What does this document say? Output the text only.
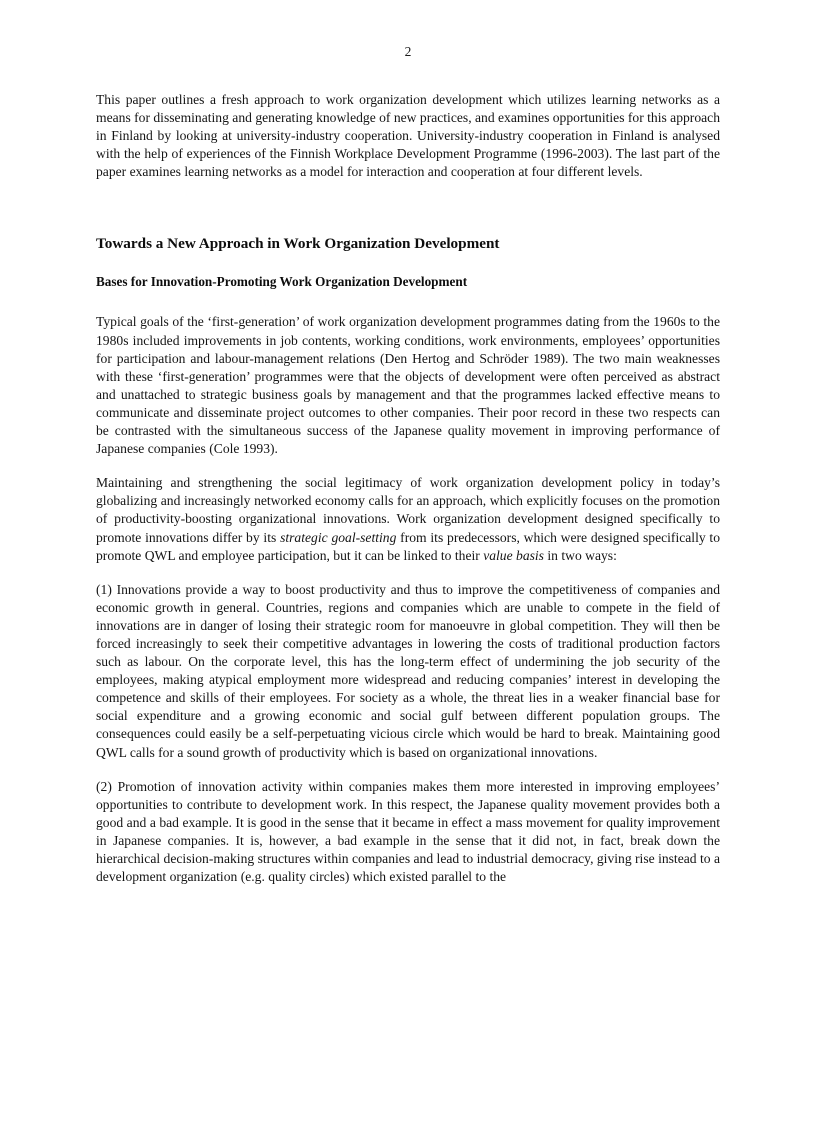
2

This paper outlines a fresh approach to work organization development which utilizes learning networks as a means for disseminating and generating knowledge of new practices, and examines opportunities for this approach in Finland by looking at university-industry cooperation. University-industry cooperation in Finland is analysed with the help of experiences of the Finnish Workplace Development Programme (1996-2003). The last part of the paper examines learning networks as a model for interaction and cooperation at four different levels.

Towards a New Approach in Work Organization Development
Bases for Innovation-Promoting Work Organization Development

Typical goals of the ‘first-generation’ of work organization development programmes dating from the 1960s to the 1980s included improvements in job contents, working conditions, work environments, employees’ opportunities for participation and labour-management relations (Den Hertog and Schröder 1989). The two main weaknesses with these ‘first-generation’ programmes were that the objects of development were often perceived as abstract and unattached to strategic business goals by management and that the programmes lacked effective means to communicate and disseminate project outcomes to other companies. Their poor record in these two respects can be contrasted with the simultaneous success of the Japanese quality movement in improving performance of Japanese companies (Cole 1993).

Maintaining and strengthening the social legitimacy of work organization development policy in today’s globalizing and increasingly networked economy calls for an approach, which explicitly focuses on the promotion of productivity-boosting organizational innovations. Work organization development designed specifically to promote innovations differ by its strategic goal-setting from its predecessors, which were designed specifically to promote QWL and employee participation, but it can be linked to their value basis in two ways:

(1) Innovations provide a way to boost productivity and thus to improve the competitiveness of companies and economic growth in general. Countries, regions and companies which are unable to compete in the field of innovations are in danger of losing their strategic room for manoeuvre in global competition. They will then be forced increasingly to seek their competitive advantages in lowering the costs of traditional production factors such as labour. On the corporate level, this has the long-term effect of undermining the job security of the employees, making atypical employment more widespread and reducing companies’ interest in developing the competence and skills of their employees. For society as a whole, the threat lies in a weaker financial base for social expenditure and a growing economic and social gulf between different population groups. The consequences could easily be a self-perpetuating vicious circle which would be hard to break. Maintaining good QWL calls for a sound growth of productivity which is based on organizational innovations.

(2) Promotion of innovation activity within companies makes them more interested in improving employees’ opportunities to contribute to development work. In this respect, the Japanese quality movement provides both a good and a bad example. It is good in the sense that it became in effect a mass movement for quality improvement in Japanese companies. It is, however, a bad example in the sense that it did not, in fact, break down the hierarchical decision-making structures within companies and lead to industrial democracy, giving rise instead to a development organization (e.g. quality circles) which existed parallel to the
